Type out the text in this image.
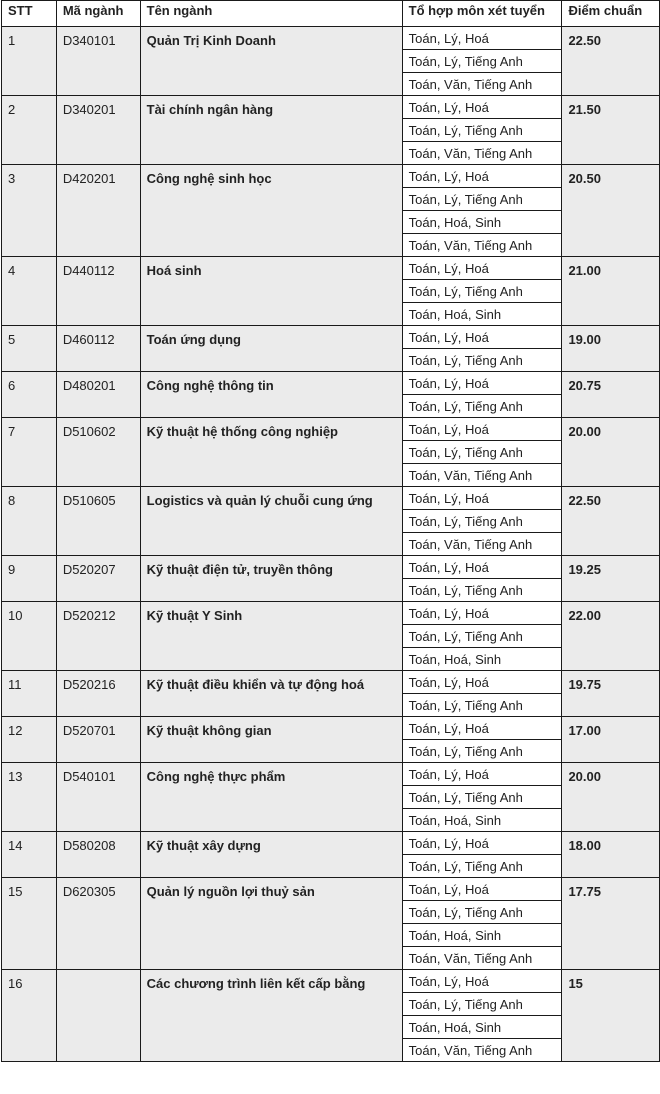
STT	Mã ngành	Tên ngành	Tổ hợp môn xét tuyển	Điểm chuẩn
1	D340101	Quản Trị Kinh Doanh	Toán, Lý, Hoá	22.50
			Toán, Lý, Tiếng Anh	
			Toán, Văn, Tiếng Anh	
2	D340201	Tài chính ngân hàng	Toán, Lý, Hoá	21.50
			Toán, Lý, Tiếng Anh	
			Toán, Văn, Tiếng Anh	
3	D420201	Công nghệ sinh học	Toán, Lý, Hoá	20.50
			Toán, Lý, Tiếng Anh	
			Toán, Hoá, Sinh	
			Toán, Văn, Tiếng Anh	
4	D440112	Hoá sinh	Toán, Lý, Hoá	21.00
			Toán, Lý, Tiếng Anh	
			Toán, Hoá, Sinh	
5	D460112	Toán ứng dụng	Toán, Lý, Hoá	19.00
			Toán, Lý, Tiếng Anh	
6	D480201	Công nghệ thông tin	Toán, Lý, Hoá	20.75
			Toán, Lý, Tiếng Anh	
7	D510602	Kỹ thuật hệ thống công nghiệp	Toán, Lý, Hoá	20.00
			Toán, Lý, Tiếng Anh	
			Toán, Văn, Tiếng Anh	
8	D510605	Logistics và quản lý chuỗi cung ứng	Toán, Lý, Hoá	22.50
			Toán, Lý, Tiếng Anh	
			Toán, Văn, Tiếng Anh	
9	D520207	Kỹ thuật điện tử, truyền thông	Toán, Lý, Hoá	19.25
			Toán, Lý, Tiếng Anh	
10	D520212	Kỹ thuật Y Sinh	Toán, Lý, Hoá	22.00
			Toán, Lý, Tiếng Anh	
			Toán, Hoá, Sinh	
11	D520216	Kỹ thuật điều khiển và tự động hoá	Toán, Lý, Hoá	19.75
			Toán, Lý, Tiếng Anh	
12	D520701	Kỹ thuật không gian	Toán, Lý, Hoá	17.00
			Toán, Lý, Tiếng Anh	
13	D540101	Công nghệ thực phẩm	Toán, Lý, Hoá	20.00
			Toán, Lý, Tiếng Anh	
			Toán, Hoá, Sinh	
14	D580208	Kỹ thuật xây dựng	Toán, Lý, Hoá	18.00
			Toán, Lý, Tiếng Anh	
15	D620305	Quản lý nguồn lợi thuỷ sản	Toán, Lý, Hoá	17.75
			Toán, Lý, Tiếng Anh	
			Toán, Hoá, Sinh	
			Toán, Văn, Tiếng Anh	
16		Các chương trình liên kết cấp bằng	Toán, Lý, Hoá	15
			Toán, Lý, Tiếng Anh	
			Toán, Hoá, Sinh	
			Toán, Văn, Tiếng Anh	
